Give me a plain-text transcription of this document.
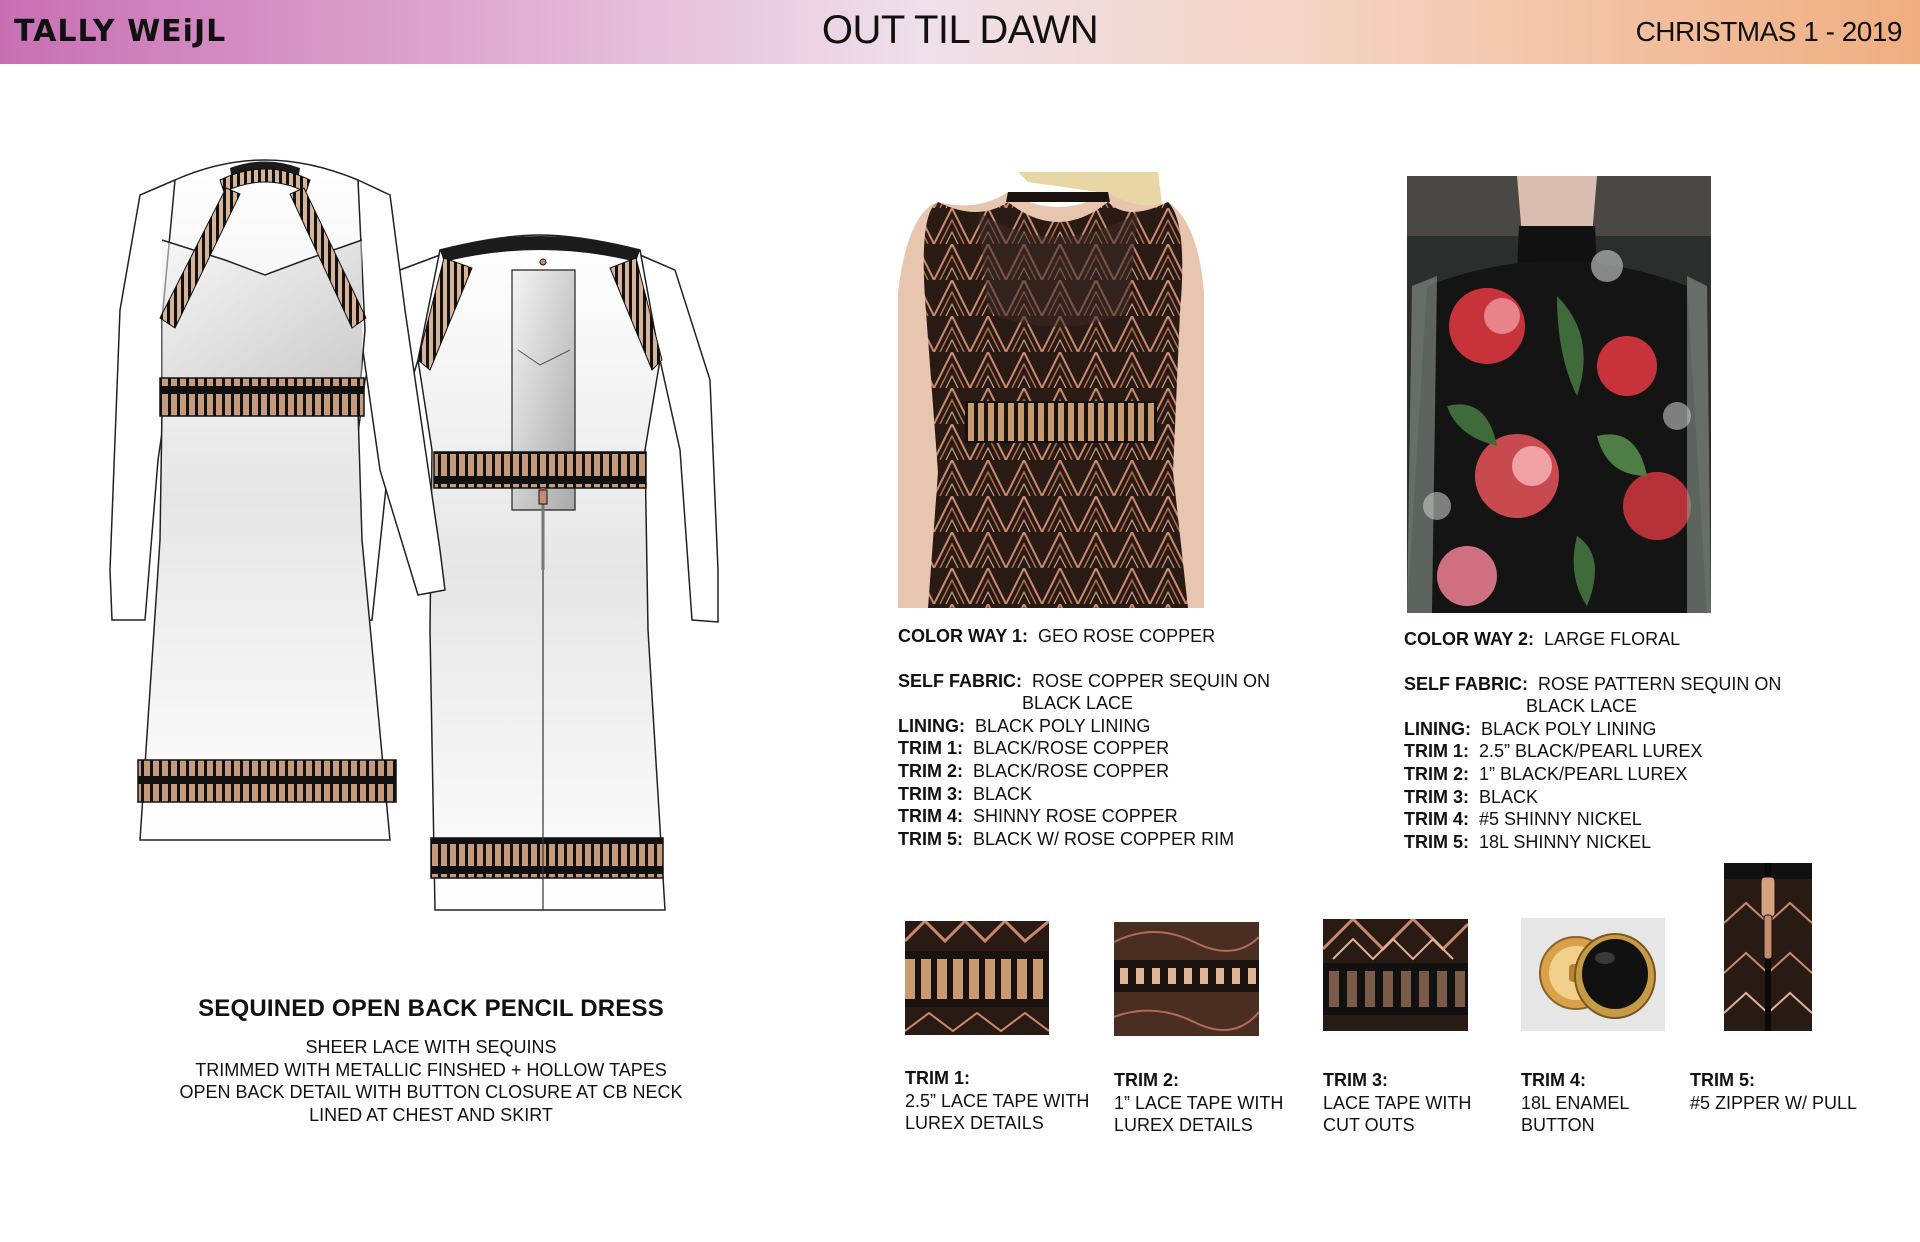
TALLY WEiJL	OUT TIL DAWN	CHRISTMAS 1 - 2019
SEQUINED OPEN BACK PENCIL DRESS
SHEER LACE WITH SEQUINS
TRIMMED WITH METALLIC FINSHED + HOLLOW TAPES
OPEN BACK DETAIL WITH BUTTON CLOSURE AT CB NECK
LINED AT CHEST AND SKIRT
COLOR WAY 1: GEO ROSE COPPER
SELF FABRIC: ROSE COPPER SEQUIN ON
BLACK LACE
LINING: BLACK POLY LINING
TRIM 1: BLACK/ROSE COPPER
TRIM 2: BLACK/ROSE COPPER
TRIM 3: BLACK
TRIM 4: SHINNY ROSE COPPER
TRIM 5: BLACK W/ ROSE COPPER RIM
COLOR WAY 2: LARGE FLORAL
SELF FABRIC: ROSE PATTERN SEQUIN ON
BLACK LACE
LINING: BLACK POLY LINING
TRIM 1: 2.5” BLACK/PEARL LUREX
TRIM 2: 1” BLACK/PEARL LUREX
TRIM 3: BLACK
TRIM 4: #5 SHINNY NICKEL
TRIM 5: 18L SHINNY NICKEL
TRIM 1:
2.5” LACE TAPE WITH
LUREX DETAILS
TRIM 2:
1” LACE TAPE WITH
LUREX DETAILS
TRIM 3:
LACE TAPE WITH
CUT OUTS
TRIM 4:
18L ENAMEL
BUTTON
TRIM 5:
#5 ZIPPER W/ PULL
